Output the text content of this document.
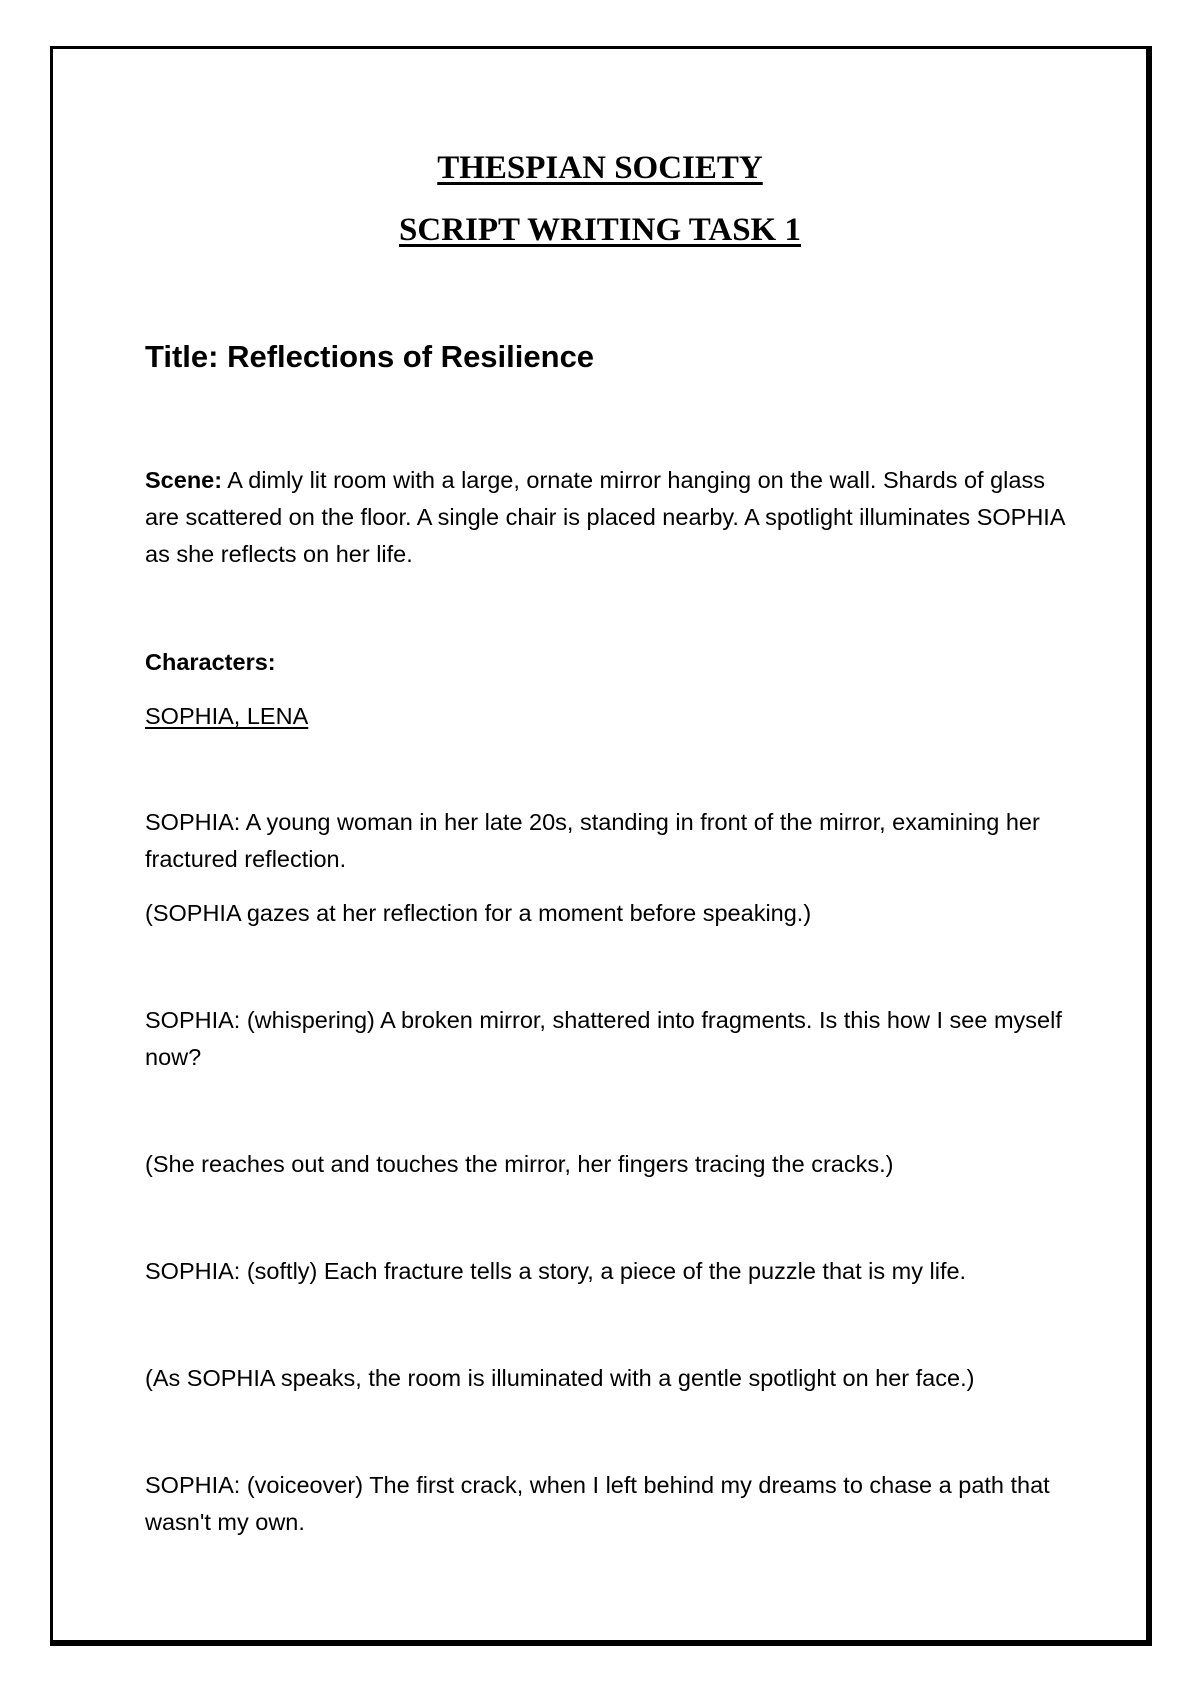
THESPIAN SOCIETY
SCRIPT WRITING TASK 1
Title: Reflections of Resilience
Scene: A dimly lit room with a large, ornate mirror hanging on the wall. Shards of glass are scattered on the floor. A single chair is placed nearby. A spotlight illuminates SOPHIA as she reflects on her life.
Characters:
SOPHIA, LENA
SOPHIA: A young woman in her late 20s, standing in front of the mirror, examining her fractured reflection.
(SOPHIA gazes at her reflection for a moment before speaking.)
SOPHIA: (whispering) A broken mirror, shattered into fragments. Is this how I see myself now?
(She reaches out and touches the mirror, her fingers tracing the cracks.)
SOPHIA: (softly) Each fracture tells a story, a piece of the puzzle that is my life.
(As SOPHIA speaks, the room is illuminated with a gentle spotlight on her face.)
SOPHIA: (voiceover) The first crack, when I left behind my dreams to chase a path that wasn't my own.
